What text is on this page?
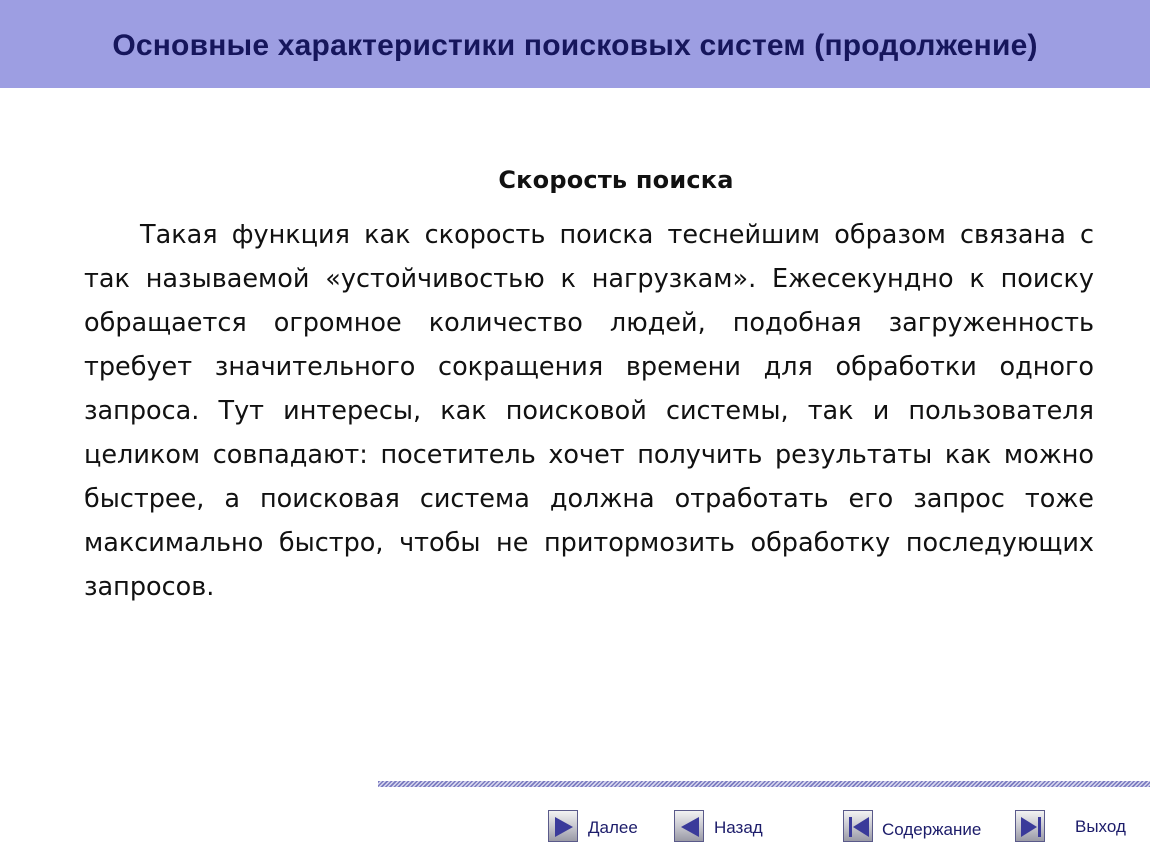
Основные характеристики поисковых систем (продолжение)
Скорость поиска

Такая функция как скорость поиска теснейшим образом связана с так называемой «устойчивостью к нагрузкам». Ежесекундно к поиску обращается огромное количество людей, подобная загруженность требует значительного сокращения времени для обработки одного запроса. Тут интересы, как поисковой системы, так и пользователя целиком совпадают: посетитель хочет получить результаты как можно быстрее, а поисковая система должна отработать его запрос тоже максимально быстро, чтобы не притормозить обработку последующих запросов.

Далее	Назад	Содержание	Выход
